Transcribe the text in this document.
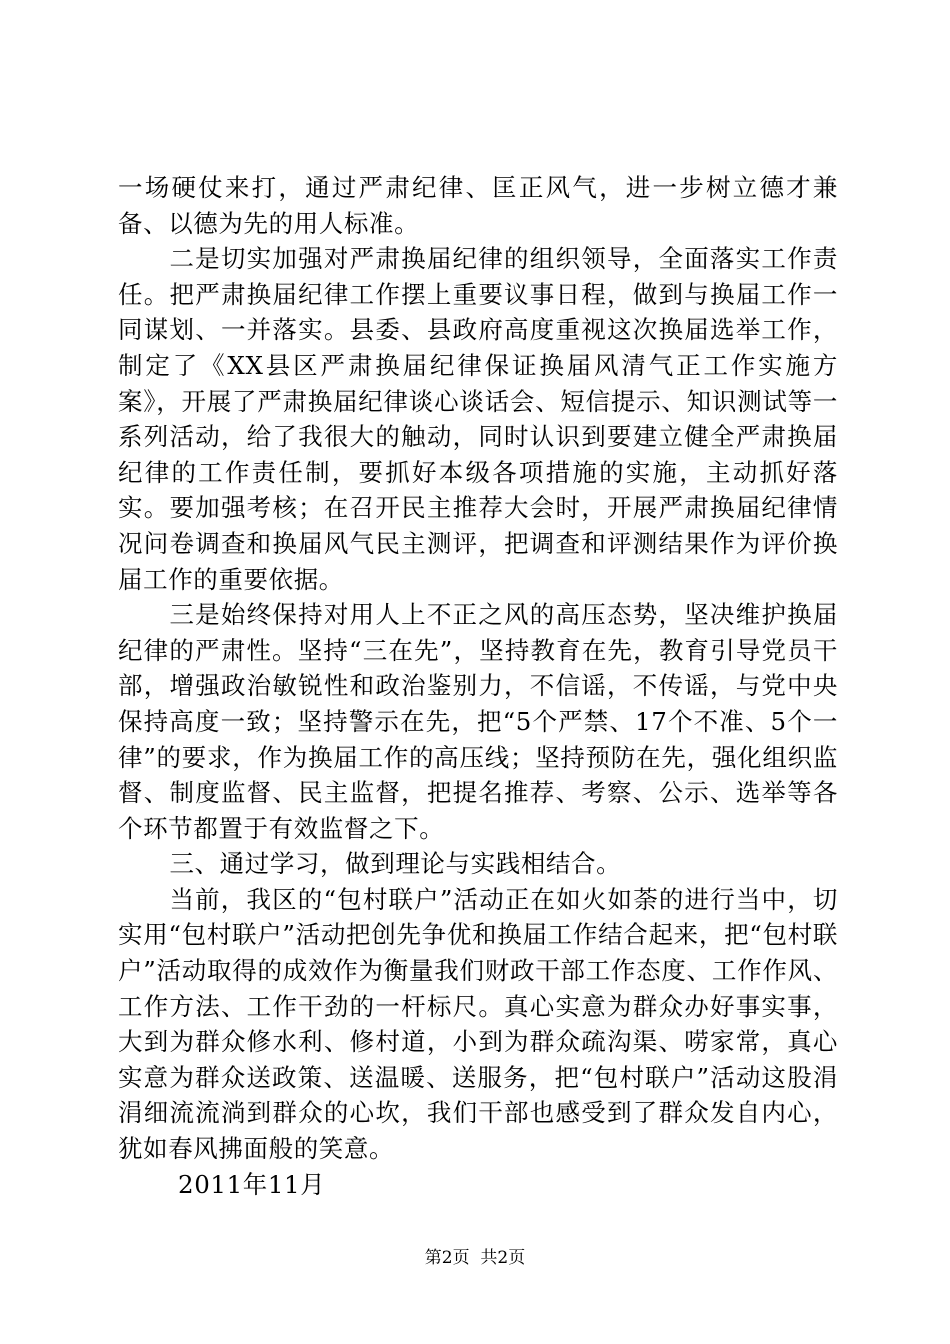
一场硬仗来打，通过严肃纪律、匡正风气，进一步树立德才兼备、以德为先的用人标准。

二是切实加强对严肃换届纪律的组织领导，全面落实工作责任。把严肃换届纪律工作摆上重要议事日程，做到与换届工作一同谋划、一并落实。县委、县政府高度重视这次换届选举工作，制定了《XX县区严肃换届纪律保证换届风清气正工作实施方案》，开展了严肃换届纪律谈心谈话会、短信提示、知识测试等一系列活动，给了我很大的触动，同时认识到要建立健全严肃换届纪律的工作责任制，要抓好本级各项措施的实施，主动抓好落实。要加强考核；在召开民主推荐大会时，开展严肃换届纪律情况问卷调查和换届风气民主测评，把调查和评测结果作为评价换届工作的重要依据。

三是始终保持对用人上不正之风的高压态势，坚决维护换届纪律的严肃性。坚持“三在先”，坚持教育在先，教育引导党员干部，增强政治敏锐性和政治鉴别力，不信谣，不传谣，与党中央保持高度一致；坚持警示在先，把“5个严禁、17个不准、5个一律”的要求，作为换届工作的高压线；坚持预防在先，强化组织监督、制度监督、民主监督，把提名推荐、考察、公示、选举等各个环节都置于有效监督之下。

三、通过学习，做到理论与实践相结合。

当前，我区的“包村联户”活动正在如火如荼的进行当中，切实用“包村联户”活动把创先争优和换届工作结合起来，把“包村联户”活动取得的成效作为衡量我们财政干部工作态度、工作作风、工作方法、工作干劲的一杆标尺。真心实意为群众办好事实事，大到为群众修水利、修村道，小到为群众疏沟渠、唠家常，真心实意为群众送政策、送温暖、送服务，把“包村联户”活动这股涓涓细流流淌到群众的心坎，我们干部也感受到了群众发自内心，犹如春风拂面般的笑意。

2011年11月

第2页 共2页
